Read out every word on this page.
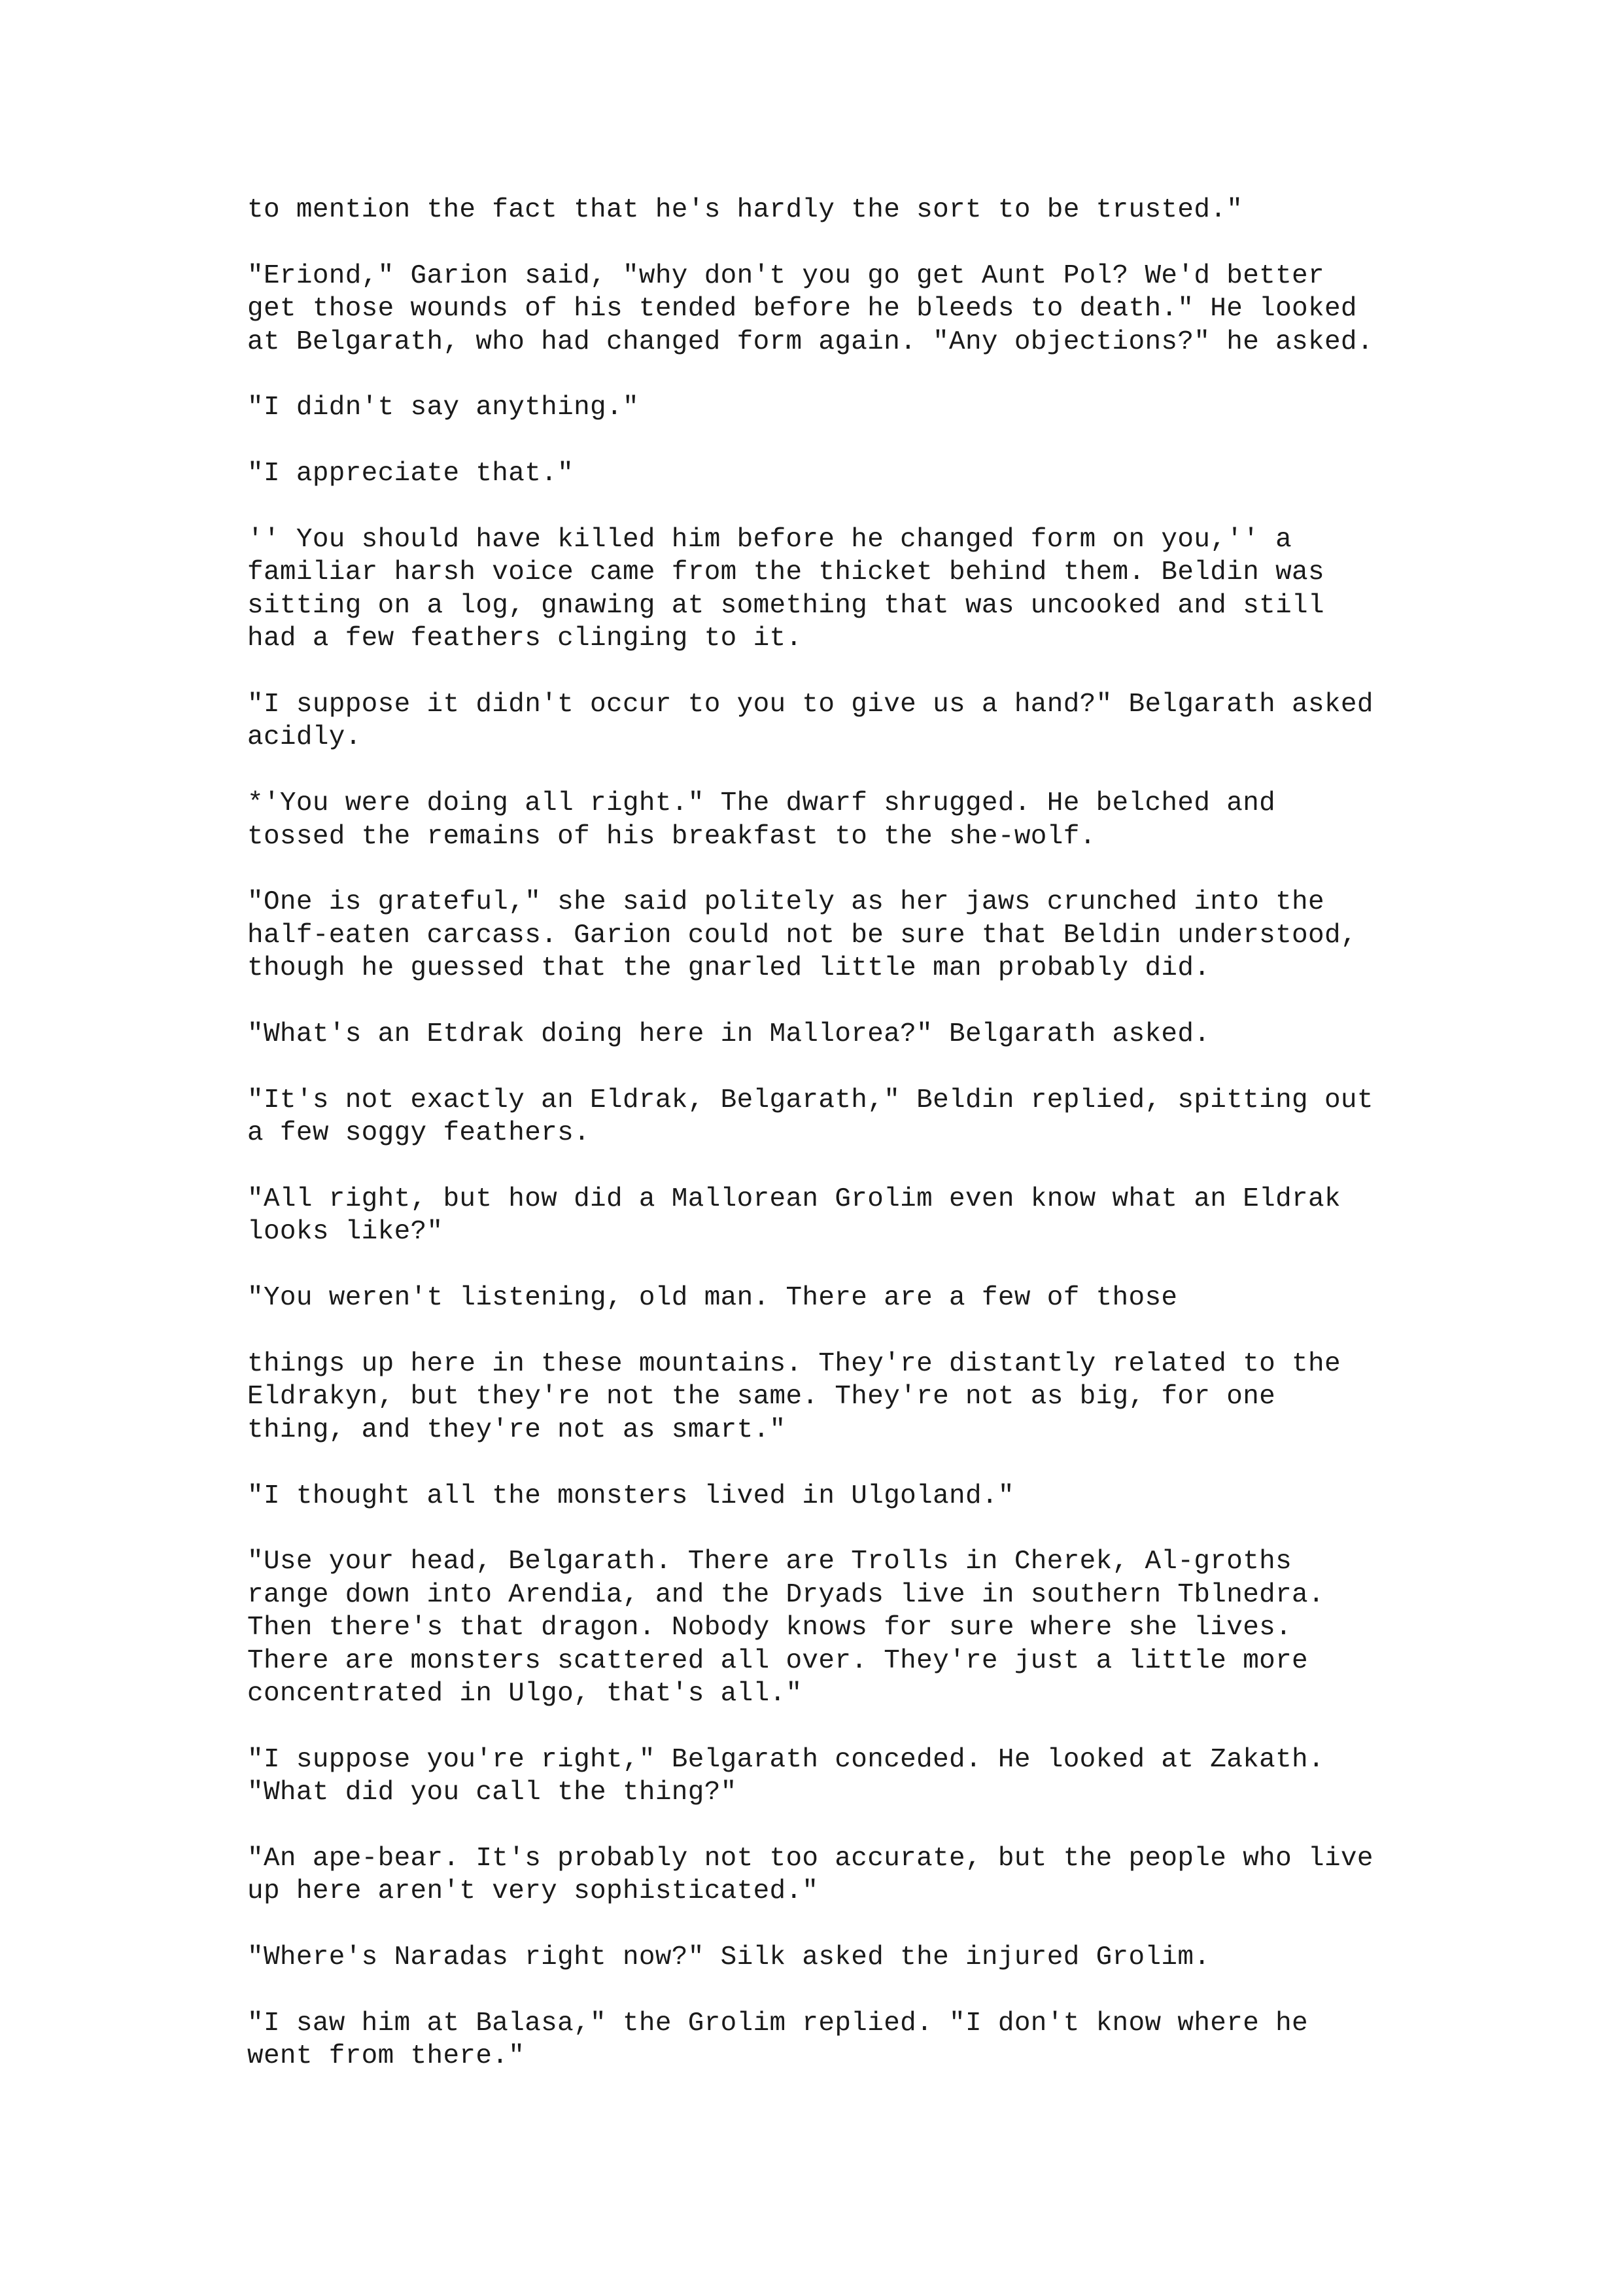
to mention the fact that he's hardly the sort to be trusted."

"Eriond," Garion said, "why don't you go get Aunt Pol? We'd better
get those wounds of his tended before he bleeds to death." He looked
at Belgarath, who had changed form again. "Any objections?" he asked.

"I didn't say anything."

"I appreciate that."

'' You should have killed him before he changed form on you,'' a
familiar harsh voice came from the thicket behind them. Beldin was
sitting on a log, gnawing at something that was uncooked and still
had a few feathers clinging to it.

"I suppose it didn't occur to you to give us a hand?" Belgarath asked
acidly.

*'You were doing all right." The dwarf shrugged. He belched and
tossed the remains of his breakfast to the she-wolf.

"One is grateful," she said politely as her jaws crunched into the
half-eaten carcass. Garion could not be sure that Beldin understood,
though he guessed that the gnarled little man probably did.

"What's an Etdrak doing here in Mallorea?" Belgarath asked.

"It's not exactly an Eldrak, Belgarath," Beldin replied, spitting out
a few soggy feathers.

"All right, but how did a Mallorean Grolim even know what an Eldrak
looks like?"

"You weren't listening, old man. There are a few of those

things up here in these mountains. They're distantly related to the
Eldrakyn, but they're not the same. They're not as big, for one
thing, and they're not as smart."

"I thought all the monsters lived in Ulgoland."

"Use your head, Belgarath. There are Trolls in Cherek, Al-groths
range down into Arendia, and the Dryads live in southern Tblnedra.
Then there's that dragon. Nobody knows for sure where she lives.
There are monsters scattered all over. They're just a little more
concentrated in Ulgo, that's all."

"I suppose you're right," Belgarath conceded. He looked at Zakath.
"What did you call the thing?"

"An ape-bear. It's probably not too accurate, but the people who live
up here aren't very sophisticated."

"Where's Naradas right now?" Silk asked the injured Grolim.

"I saw him at Balasa," the Grolim replied. "I don't know where he
went from there."
